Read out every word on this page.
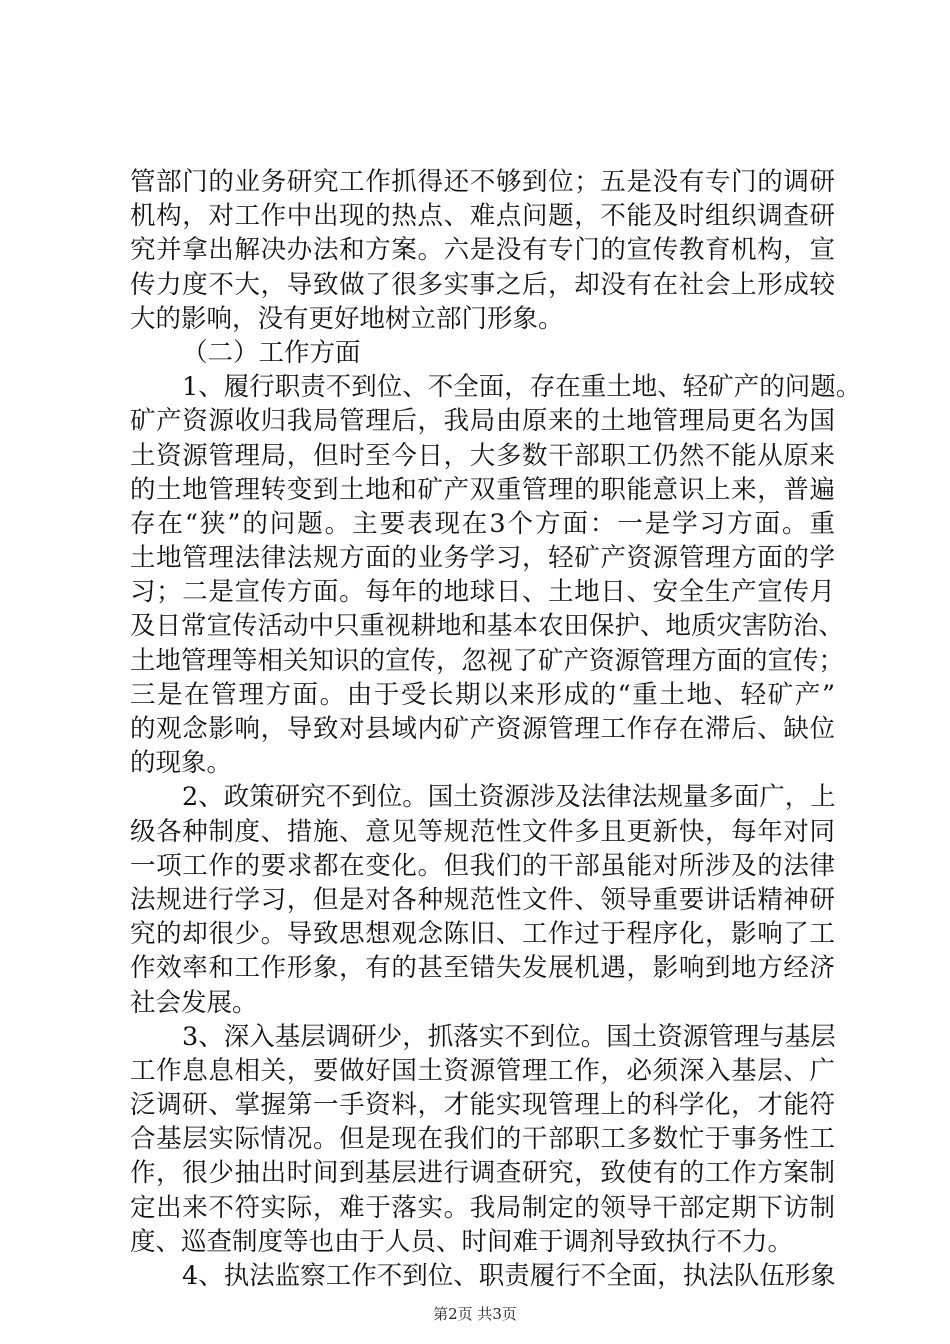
管部门的业务研究工作抓得还不够到位；五是没有专门的调研
机构，对工作中出现的热点、难点问题，不能及时组织调查研
究并拿出解决办法和方案。六是没有专门的宣传教育机构，宣
传力度不大，导致做了很多实事之后，却没有在社会上形成较
大的影响，没有更好地树立部门形象。
（二）工作方面
1、履行职责不到位、不全面，存在重土地、轻矿产的问题。
矿产资源收归我局管理后，我局由原来的土地管理局更名为国
土资源管理局，但时至今日，大多数干部职工仍然不能从原来
的土地管理转变到土地和矿产双重管理的职能意识上来，普遍
存在“狭”的问题。主要表现在3个方面：一是学习方面。重
土地管理法律法规方面的业务学习，轻矿产资源管理方面的学
习；二是宣传方面。每年的地球日、土地日、安全生产宣传月
及日常宣传活动中只重视耕地和基本农田保护、地质灾害防治、
土地管理等相关知识的宣传，忽视了矿产资源管理方面的宣传；
三是在管理方面。由于受长期以来形成的“重土地、轻矿产”
的观念影响，导致对县域内矿产资源管理工作存在滞后、缺位
的现象。
2、政策研究不到位。国土资源涉及法律法规量多面广，上
级各种制度、措施、意见等规范性文件多且更新快，每年对同
一项工作的要求都在变化。但我们的干部虽能对所涉及的法律
法规进行学习，但是对各种规范性文件、领导重要讲话精神研
究的却很少。导致思想观念陈旧、工作过于程序化，影响了工
作效率和工作形象，有的甚至错失发展机遇，影响到地方经济
社会发展。
3、深入基层调研少，抓落实不到位。国土资源管理与基层
工作息息相关，要做好国土资源管理工作，必须深入基层、广
泛调研、掌握第一手资料，才能实现管理上的科学化，才能符
合基层实际情况。但是现在我们的干部职工多数忙于事务性工
作，很少抽出时间到基层进行调查研究，致使有的工作方案制
定出来不符实际，难于落实。我局制定的领导干部定期下访制
度、巡查制度等也由于人员、时间难于调剂导致执行不力。
4、执法监察工作不到位、职责履行不全面，执法队伍形象
第2页 共3页
